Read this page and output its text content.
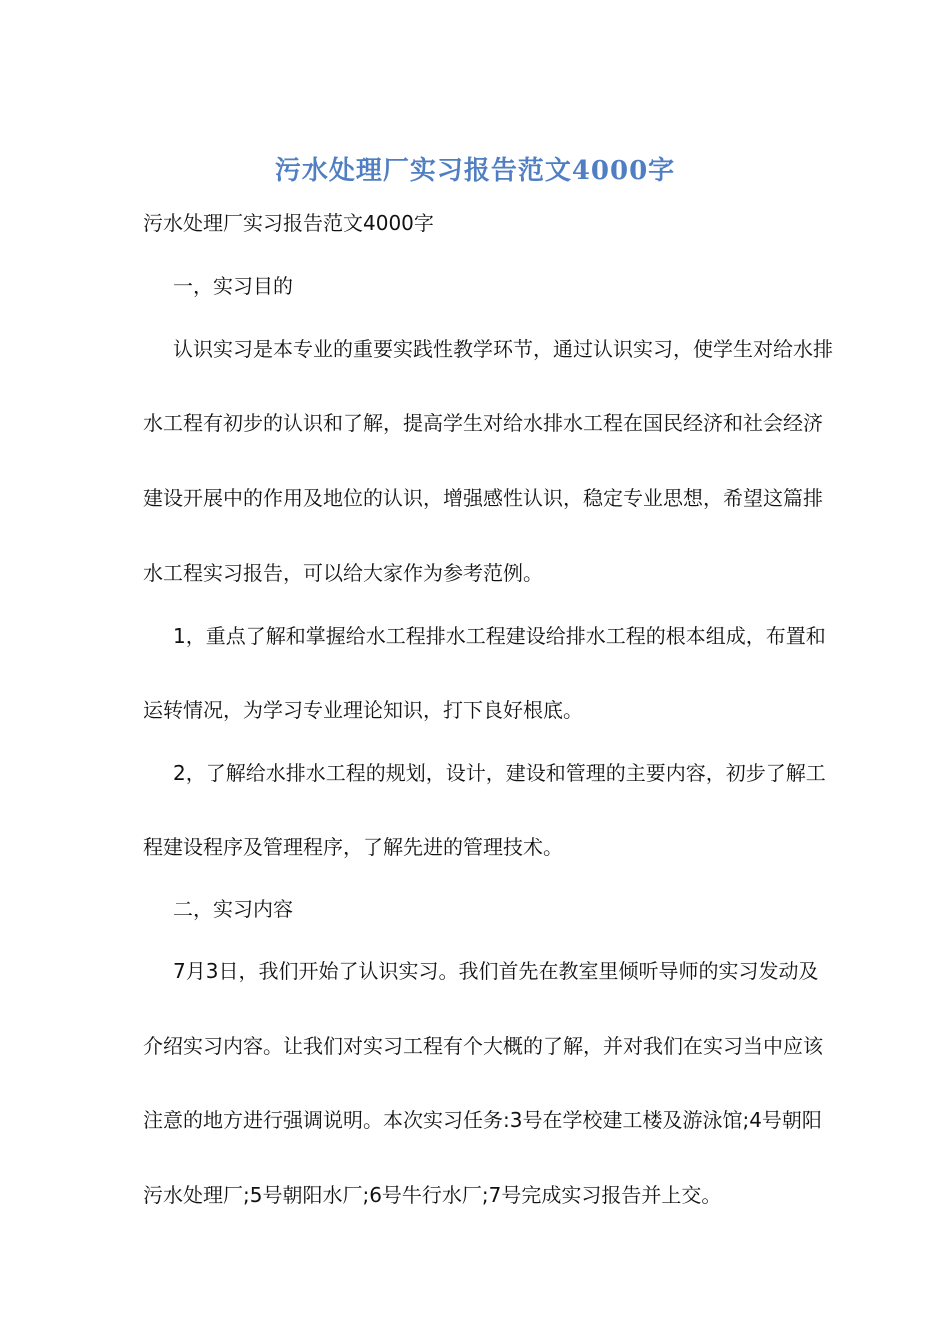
污水处理厂实习报告范文4000字
污水处理厂实习报告范文4000字
一，实习目的
认识实习是本专业的重要实践性教学环节，通过认识实习，使学生对给水排
水工程有初步的认识和了解，提高学生对给水排水工程在国民经济和社会经济
建设开展中的作用及地位的认识，增强感性认识，稳定专业思想，希望这篇排
水工程实习报告，可以给大家作为参考范例。
1，重点了解和掌握给水工程排水工程建设给排水工程的根本组成，布置和
运转情况，为学习专业理论知识，打下良好根底。
2，了解给水排水工程的规划，设计，建设和管理的主要内容，初步了解工
程建设程序及管理程序，了解先进的管理技术。
二，实习内容
7月3日，我们开始了认识实习。我们首先在教室里倾听导师的实习发动及
介绍实习内容。让我们对实习工程有个大概的了解，并对我们在实习当中应该
注意的地方进行强调说明。本次实习任务:3号在学校建工楼及游泳馆;4号朝阳
污水处理厂;5号朝阳水厂;6号牛行水厂;7号完成实习报告并上交。
